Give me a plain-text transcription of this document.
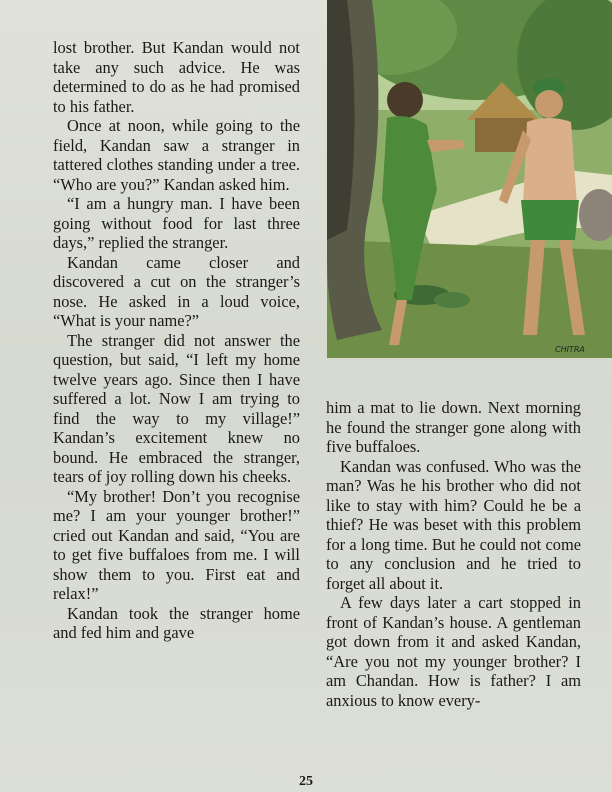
CHITRA

lost brother. But Kandan would not take any such advice. He was determined to do as he had promised to his father.

Once at noon, while going to the field, Kandan saw a stranger in tattered clothes standing under a tree. “Who are you?” Kandan asked him.

“I am a hungry man. I have been going without food for last three days,” replied the stranger.

Kandan came closer and discovered a cut on the stranger’s nose. He asked in a loud voice, “What is your name?”

The stranger did not answer the question, but said, “I left my home twelve years ago. Since then I have suffered a lot. Now I am trying to find the way to my village!” Kandan’s excitement knew no bound. He embraced the stranger, tears of joy rolling down his cheeks.

“My brother! Don’t you recognise me? I am your younger brother!” cried out Kandan and said, “You are to get five buffaloes from me. I will show them to you. First eat and relax!”

Kandan took the stranger home and fed him and gave

him a mat to lie down. Next morning he found the stranger gone along with five buffaloes.

Kandan was confused. Who was the man? Was he his brother who did not like to stay with him? Could he be a thief? He was beset with this problem for a long time. But he could not come to any conclusion and he tried to forget all about it.

A few days later a cart stopped in front of Kandan’s house. A gentleman got down from it and asked Kandan, “Are you not my younger brother? I am Chandan. How is father? I am anxious to know every-

25
